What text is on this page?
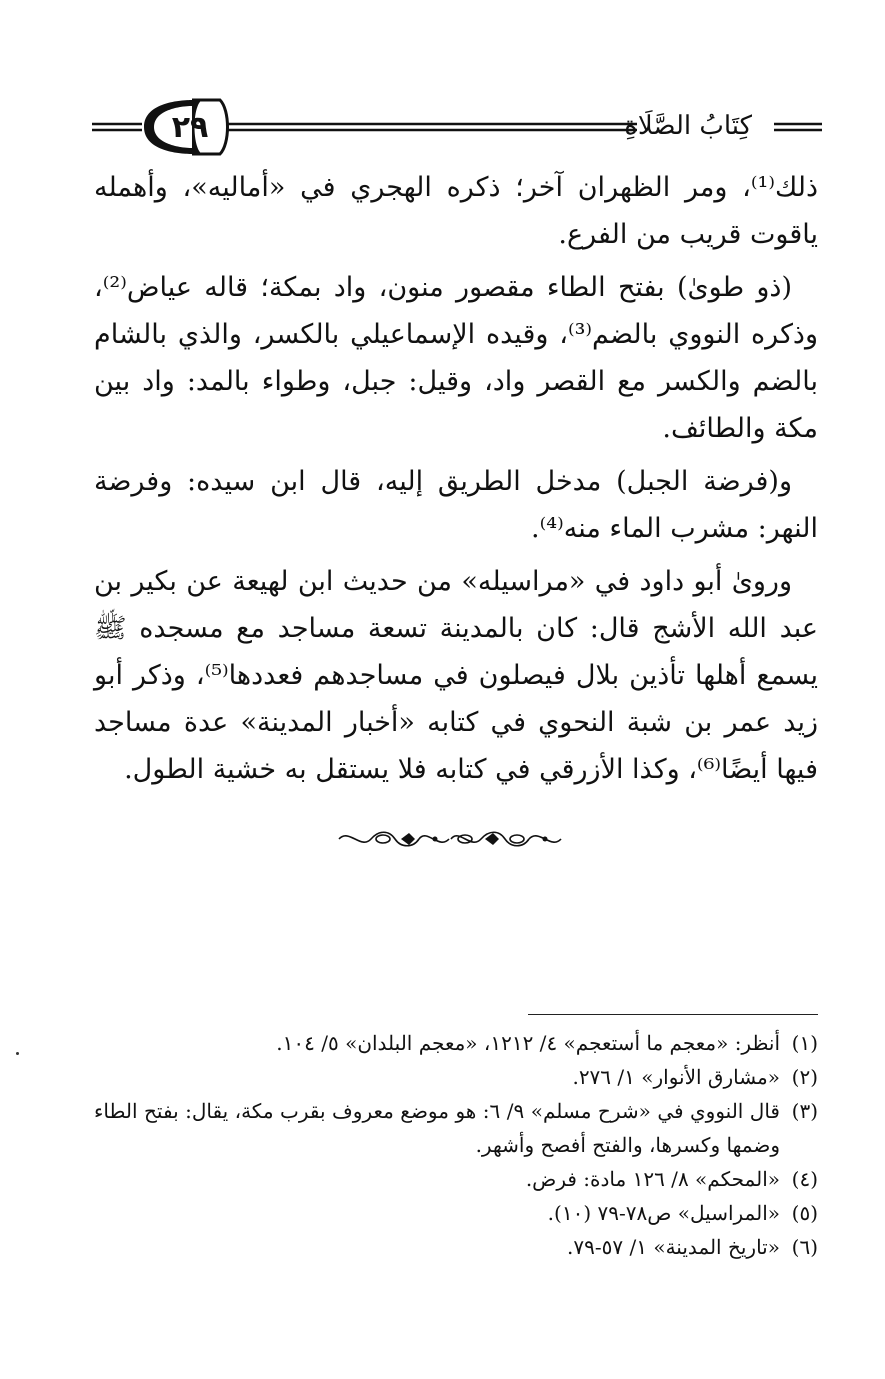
٢٩	كِتَابُ الصَّلَاةِ

ذلك⁽¹⁾، ومر الظهران آخر؛ ذكره الهجري في «أماليه»، وأهمله ياقوت قريب من الفرع.

(ذو طوىٰ) بفتح الطاء مقصور منون، واد بمكة؛ قاله عياض⁽²⁾، وذكره النووي بالضم⁽³⁾، وقيده الإسماعيلي بالكسر، والذي بالشام بالضم والكسر مع القصر واد، وقيل: جبل، وطواء بالمد: واد بين مكة والطائف.

و(فرضة الجبل) مدخل الطريق إليه، قال ابن سيده: وفرضة النهر: مشرب الماء منه⁽⁴⁾.

ورویٰ أبو داود في «مراسيله» من حديث ابن لهيعة عن بكير بن عبد الله الأشج قال: كان بالمدينة تسعة مساجد مع مسجده ﷺ يسمع أهلها تأذين بلال فيصلون في مساجدهم فعددها⁽⁵⁾، وذكر أبو زيد عمر بن شبة النحوي في كتابه «أخبار المدينة» عدة مساجد فيها أيضًا⁽⁶⁾، وكذا الأزرقي في كتابه فلا يستقل به خشية الطول.

(١)
أنظر: «معجم ما أستعجم» ٤/ ١٢١٢، «معجم البلدان» ٥/ ١٠٤.
(٢)
«مشارق الأنوار» ١/ ٢٧٦.
(٣)
قال النووي في «شرح مسلم» ٩/ ٦: هو موضع معروف بقرب مكة، يقال: بفتح الطاء وضمها وكسرها، والفتح أفصح وأشهر.
(٤)
«المحكم» ٨/ ١٢٦ مادة: فرض.
(٥)
«المراسيل» ص٧٨-٧٩ (١٠).
(٦)
«تاريخ المدينة» ١/ ٥٧-٧٩.
